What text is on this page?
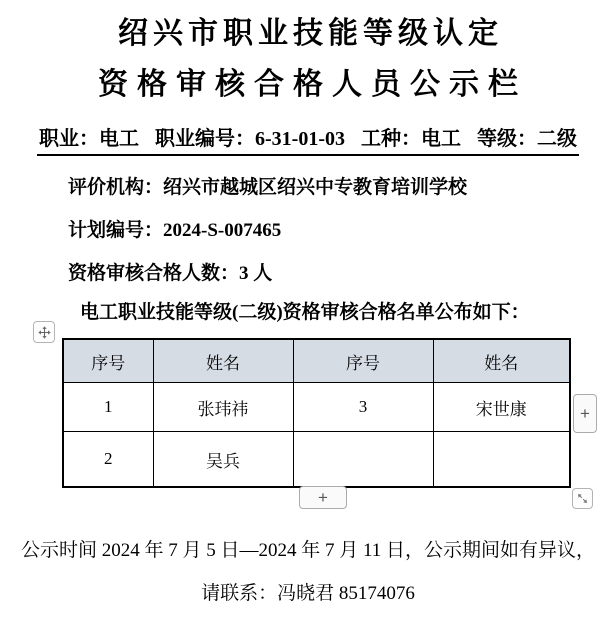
绍兴市职业技能等级认定
资格审核合格人员公示栏
职业：电工 职业编号：6-31-01-03 工种：电工 等级：二级
评价机构：绍兴市越城区绍兴中专教育培训学校
计划编号：2024-S-007465
资格审核合格人数：3 人
电工职业技能等级(二级)资格审核合格名单公布如下：
序号	姓名	序号	姓名
1	张玮祎	3	宋世康
2	吴兵		
+
+
公示时间 2024 年 7 月 5 日—2024 年 7 月 11 日，公示期间如有异议，
请联系：冯晓君 85174076
